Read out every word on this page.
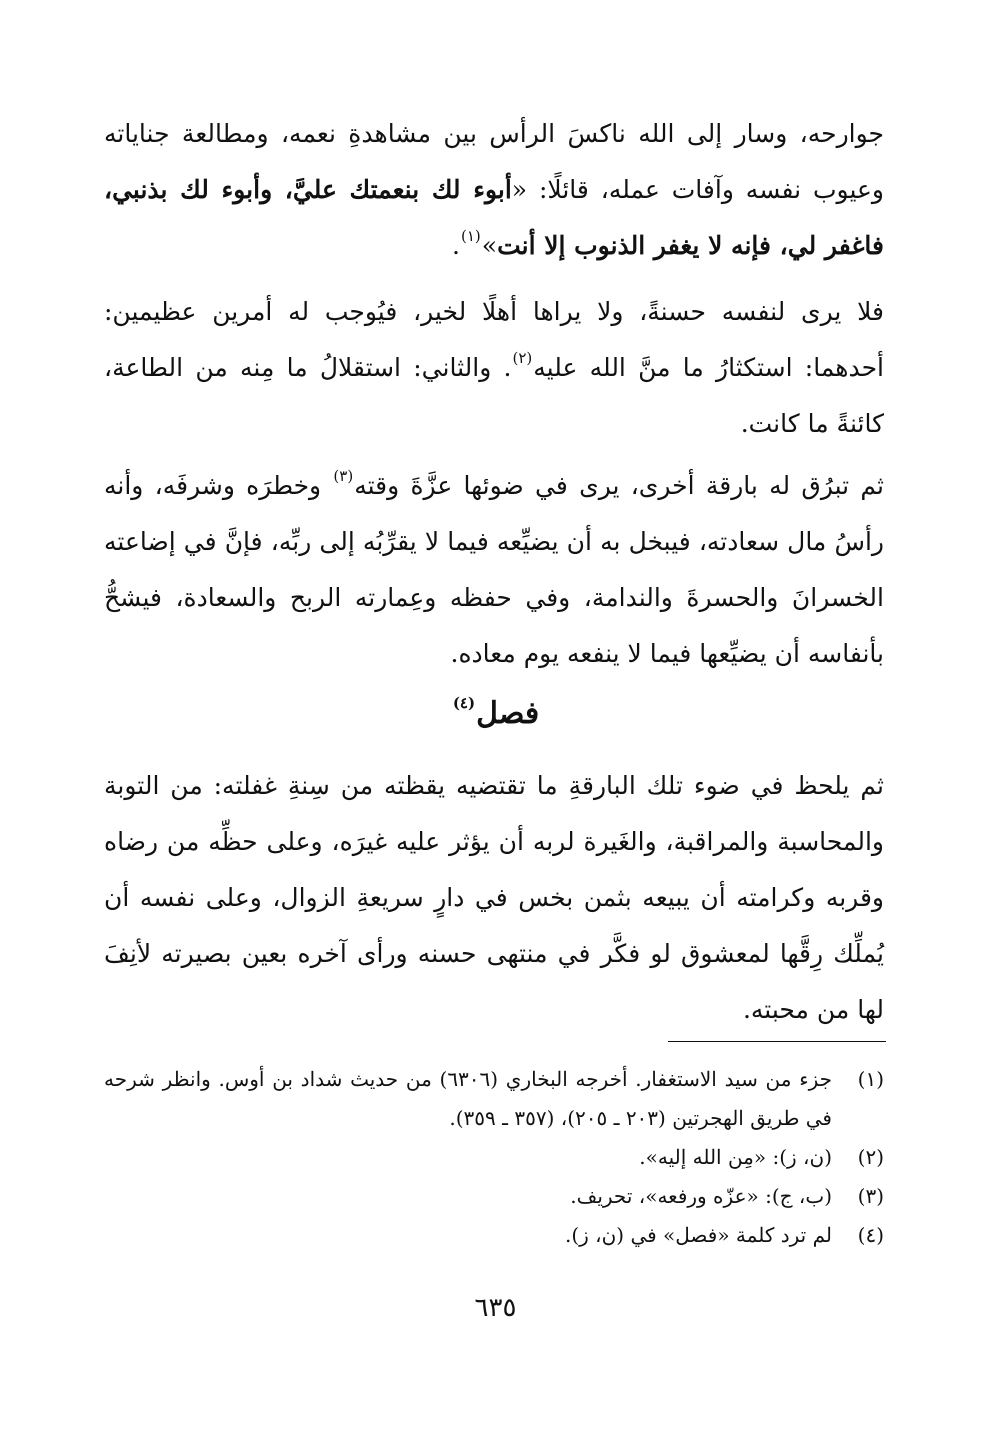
جوارحه، وسار إلى الله ناكسَ الرأس بين مشاهدةِ نعمه، ومطالعة جناياته وعيوب نفسه وآفات عمله، قائلًا: «أبوء لك بنعمتك عليَّ، وأبوء لك بذنبي، فاغفر لي، فإنه لا يغفر الذنوب إلا أنت»$^{(١)}$.

فلا يرى لنفسه حسنةً، ولا يراها أهلًا لخير، فيُوجب له أمرين عظيمين: أحدهما: استكثارُ ما منَّ الله عليه$^{(٢)}$. والثاني: استقلالُ ما مِنه من الطاعة، كائنةً ما كانت.

ثم تبرُق له بارقة أخرى، يرى في ضوئها عزَّةَ وقته$^{(٣)}$ وخطرَه وشرفَه، وأنه رأسُ مال سعادته، فيبخل به أن يضيِّعه فيما لا يقرِّبُه إلى ربِّه، فإنَّ في إضاعته الخسرانَ والحسرةَ والندامة، وفي حفظه وعِمارته الربح والسعادة، فيشحُّ بأنفاسه أن يضيِّعها فيما لا ينفعه يوم معاده.

فصل$^{(٤)}$

ثم يلحظ في ضوء تلك البارقةِ ما تقتضيه يقظته من سِنةِ غفلته: من التوبة والمحاسبة والمراقبة، والغَيرة لربه أن يؤثر عليه غيرَه، وعلى حظِّه من رضاه وقربه وكرامته أن يبيعه بثمن بخس في دارٍ سريعةِ الزوال، وعلى نفسه أن يُملِّك رِقَّها لمعشوق لو فكَّر في منتهى حسنه ورأى آخره بعين بصيرته لأنِفَ لها من محبته.

(١)
جزء من سيد الاستغفار. أخرجه البخاري (٦٣٠٦) من حديث شداد بن أوس. وانظر شرحه في طريق الهجرتين (٢٠٣ ـ ٢٠٥)، (٣٥٧ ـ ٣٥٩).
(٢)
(ن، ز): «مِن الله إليه».
(٣)
(ب، ج): «عزّه ورفعه»، تحريف.
(٤)
لم ترد كلمة «فصل» في (ن، ز).
٦٣٥
